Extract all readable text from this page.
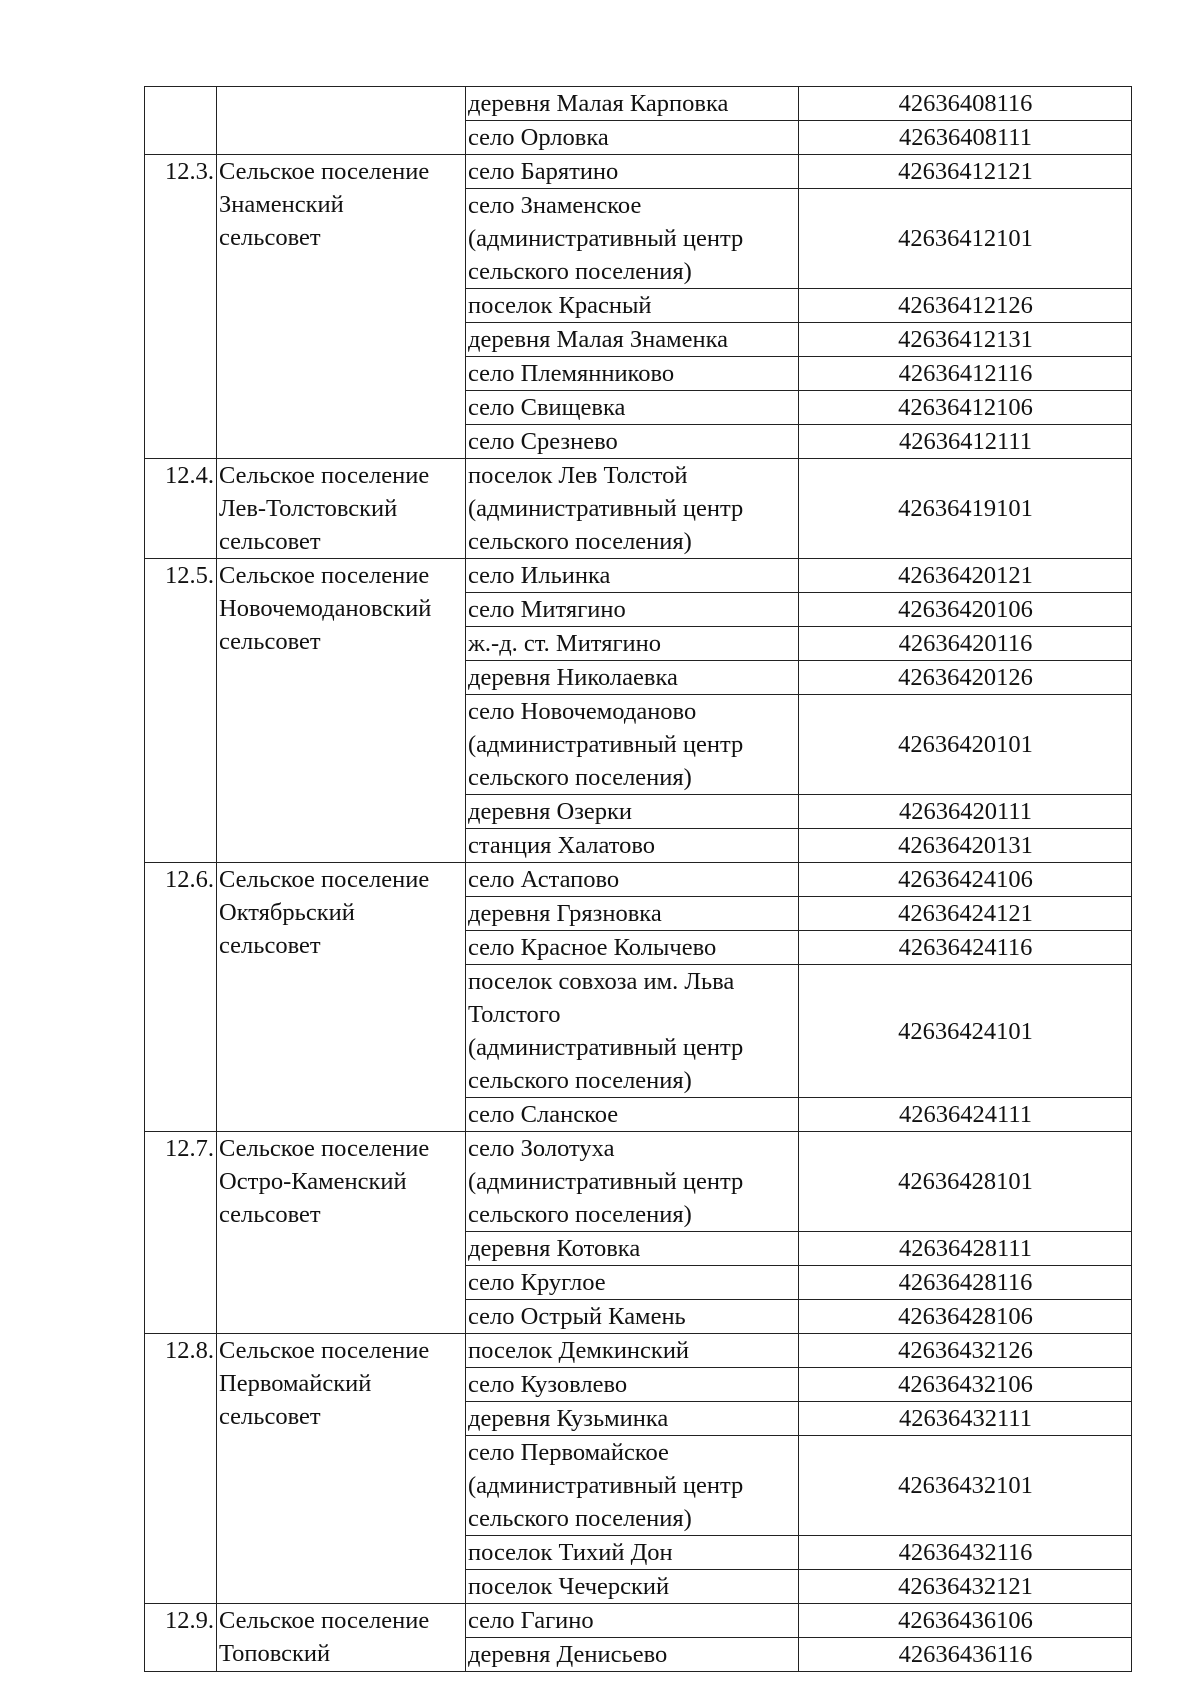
		деревня Малая Карповка	42636408116

		село Орловка	42636408111
12.3.	Сельское поселение
Знаменский
сельсовет	село Барятино	42636412121

		село Знаменское
(административный центр
сельского поселения)	42636412101

		поселок Красный	42636412126

		деревня Малая Знаменка	42636412131

		село Племянниково	42636412116

		село Свищевка	42636412106

		село Срезнево	42636412111
12.4.	Сельское поселение
Лев-Толстовский
сельсовет	поселок Лев Толстой
(административный центр
сельского поселения)	42636419101
12.5.	Сельское поселение
Новочемодановский
сельсовет	село Ильинка	42636420121

		село Митягино	42636420106

		ж.-д. ст. Митягино	42636420116

		деревня Николаевка	42636420126

		село Новочемоданово
(административный центр
сельского поселения)	42636420101

		деревня Озерки	42636420111

		станция Халатово	42636420131
12.6.	Сельское поселение
Октябрьский
сельсовет	село Астапово	42636424106

		деревня Грязновка	42636424121

		село Красное Колычево	42636424116

		поселок совхоза им. Льва
Толстого
(административный центр
сельского поселения)	42636424101

		село Сланское	42636424111
12.7.	Сельское поселение
Остро-Каменский
сельсовет	село Золотуха
(административный центр
сельского поселения)	42636428101

		деревня Котовка	42636428111

		село Круглое	42636428116

		село Острый Камень	42636428106
12.8.	Сельское поселение
Первомайский
сельсовет	поселок Демкинский	42636432126

		село Кузовлево	42636432106

		деревня Кузьминка	42636432111

		село Первомайское
(административный центр
сельского поселения)	42636432101

		поселок Тихий Дон	42636432116

		поселок Чечерский	42636432121
12.9.	Сельское поселение
Топовский	село Гагино	42636436106

		деревня Денисьево	42636436116
